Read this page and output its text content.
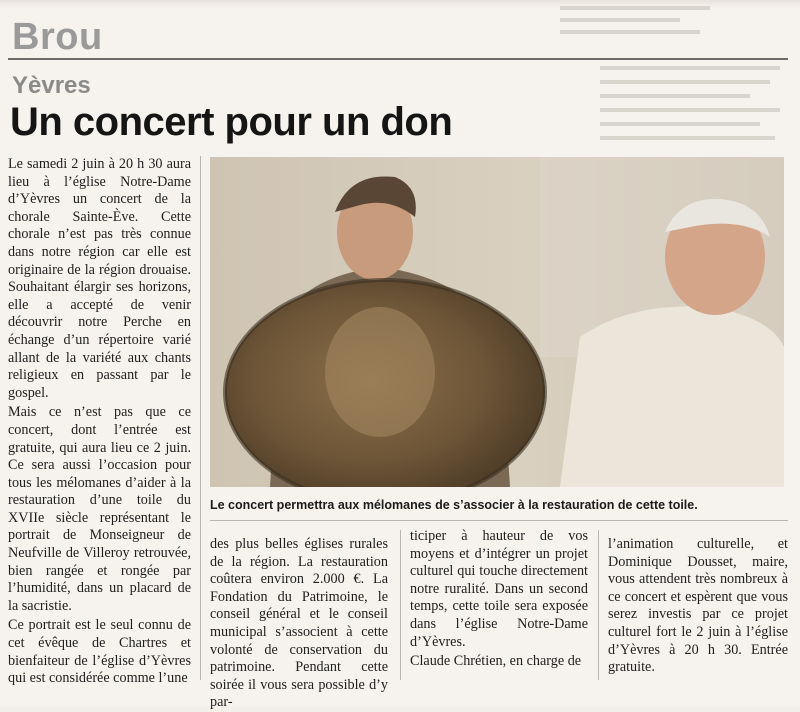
Brou
Yèvres
Un concert pour un don

Le samedi 2 juin à 20 h 30 aura lieu à l’église Notre-Dame d’Yèvres un concert de la chorale Sainte-Ève. Cette chorale n’est pas très connue dans notre région car elle est originaire de la région drouaise. Souhaitant élargir ses horizons, elle a accepté de venir découvrir notre Perche en échange d’un répertoire varié allant de la variété aux chants religieux en passant par le gospel.

Mais ce n’est pas que ce concert, dont l’entrée est gratuite, qui aura lieu ce 2 juin. Ce sera aussi l’occasion pour tous les mélomanes d’aider à la restauration d’une toile du XVIIe siècle représentant le portrait de Monseigneur de Neufville de Villeroy retrouvée, bien rangée et rongée par l’humidité, dans un placard de la sacristie.

Ce portrait est le seul connu de cet évêque de Chartres et bienfaiteur de l’église d’Yèvres qui est considérée comme l’une

Le concert permettra aux mélomanes de s’associer à la restauration de cette toile.

des plus belles églises rurales de la région. La restauration coûtera environ 2.000 €. La Fondation du Patrimoine, le conseil général et le conseil municipal s’associent à cette volonté de conservation du patrimoine. Pendant cette soirée il vous sera possible d’y par-

ticiper à hauteur de vos moyens et d’intégrer un projet culturel qui touche directement notre ruralité. Dans un second temps, cette toile sera exposée dans l’église Notre-Dame d’Yèvres.

Claude Chrétien, en charge de

l’animation culturelle, et Dominique Dousset, maire, vous attendent très nombreux à ce concert et espèrent que vous serez investis par ce projet culturel fort le 2 juin à l’église d’Yèvres à 20 h 30. Entrée gratuite.
